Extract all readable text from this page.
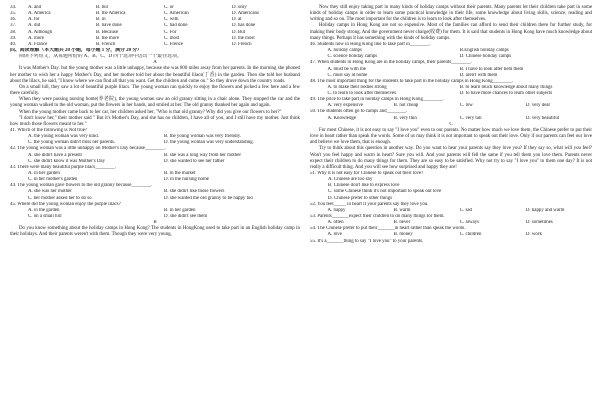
34.	A. and	B. but	C. or	D. only
35.	A. America	B. the America	C. American	D. Americans
36.	A. for	B. in	C. with	D. at
37.	A. did	B. have done	C. had done	D. has done
38.	A. Although	B. Because	C. For	D. But
39.	A. more	B. the more	C. most	D. the most
40.	A. France	B. French	C. Frence	D. French
四、阅读理解（本大题共 20 小题，每小题 1 分，满分 20 分）
阅读下列短文，从每题所给的 A、B、C、D 四个选项中选出一个最佳选项。
A

It was Mother's Day. but the young mother was a little unhappy, because she was 800 miles away from her parents. In the morning she phoned her mother to wish her a happy Mother's Day, and her mother told her about the beautiful lilacs(丁香) in the garden. Then she told her husband about the lilacs, he said, "I know where we can find all that you want. Get the children and come on." So they drove down the country roads.

On a small hill, they saw a lot of beautiful purple lilacs. The young woman ran quickly to enjoy the flowers and picked a few here and a few there carefully.

When they were passing nursing home(养老院), the young woman saw an old granny sitting in a chair alone. They stopped the car and the young woman walked to the old woman, put the flowers in her hands, and smiled at her. The old granny thanked her again and again.

When the young mother came back to her car, her children asked her, "Who is that old granny? Why did you give our flowers to her?"

"I don't know her," their mother said " But it's Mother's Day, and she has no children, I have all of you, and I still have my mother. Just think how much those flowers meant to her."

41. Which of the following is Not true?
A. the young woman was very kind.	B. the young woman was very friendly.
C. the young woman didn't miss her parents.	D. the young woman was very understanding.
42. The young woman was a little unhappy on Mother's Day because________.
A. she didn't have a present	B. she was a long way from her mother
C. she didn't know it was Mother's Day	D. she wanted to see her father
43. There were many beautiful purple lilacs________.
A. in her garden	B. in the market
C. in her mother's garden	D. in the nursing home
44. The young woman gave flowers to the old granny because________.
A. she was her mother	B. she didn't like those flowers
C. her mother asked her to do so	D. she wanted the old granny to be happy too
45. Where did the young woman enjoy the purple lilacs?
A. in the garden	B. in her garden
C. on a small hill	D. she didn't see them
B

Do you know something about the holiday camps in Hong Kong? The students in HongKong used to take part in an English holiday camp in their holidays. And their parents weren't with them. Though they were very young,

Now they still enjoy taking part in many kinds of holiday camps without their parents. Many parents let their children take part in some kinds of holiday camps in order to learn some practical knowledge in their life, some knowledge about living skills, science, reading and writing and so on. The most important for the children is to learn to look after themselves.

Holiday camps in Hong Kong are not so expensive. Most of the families can afford to send their children there for further study, for making their body strong. And the government never charge(收费) for them. It is said that students in Hong Kong have much knowledge about many things. Perhaps it has something with the kinds of holiday camps.

46. Students now in Hong Kong like to take part in________.
A. holiday camps	B.English holiday camps
C. science holiday camps	D. Chinese holiday camps
47. When students in Hong Kong are in the holiday camps, their parents________.
A. must be with the	B. I have to look after hem them
C. must say at home	D. aren't with them
48. The most important thing for the students to take part in the holiday camps in Hong Kong________.
A. to make their bodies strong	B. to learn much knowledge about many things
C. to learn to look after themselves	D. to have more chances to learn other subjects
49. The price to take part in holiday camps in Hong Kong________.
A. very expensive	B. not cheap	C. low	D. very dear
50. The students often go to camps and________.
A. Knowledge	B. very thin	C. very tall	D. very beautiful
C

For most Chinese, it is not easy to say "I love you" even to our parents. No matter how much we love them, the Chinese prefer to put their love in heart rather than speak the words. Some of us may think it is not important to speak out their love. Only if our parents can feel our love and believe we love them, that is enough.

Try to think about this question in another way. Do you want to hear your parents say they love you? If they say so, what will you feel? Won't you feel happy and warm in heart? Sure you will. And your parents will fell the same if you tell them you love them. Parents never expect their children to do many things for them. They are so easy to be satisfied. Why not try to say "I love you" to them one day? It is not really a difficult thing. And you will see how surprised and happy they are!

51. Why it is not easy for Chinese to speak out their love?
A. Chinese are too shy
B. Chinese don't like to express love
C. some Chinese think it's not important to speak out love
D. Chinese prefer to other things
52. You feel_____ in heart if your parents say they love you.
A. happy	B. warm	C. sad	D. happy and warm
53. Parents_______expect their children to do many things for them.
A. often	B. never	C. always	D. sometimes
54. The Chinese prefer to put their_______in heart rather than speak the words.
A. love	B. money	C. children	D. work
55. It's a_______thing to say "I love you" to your parents.
